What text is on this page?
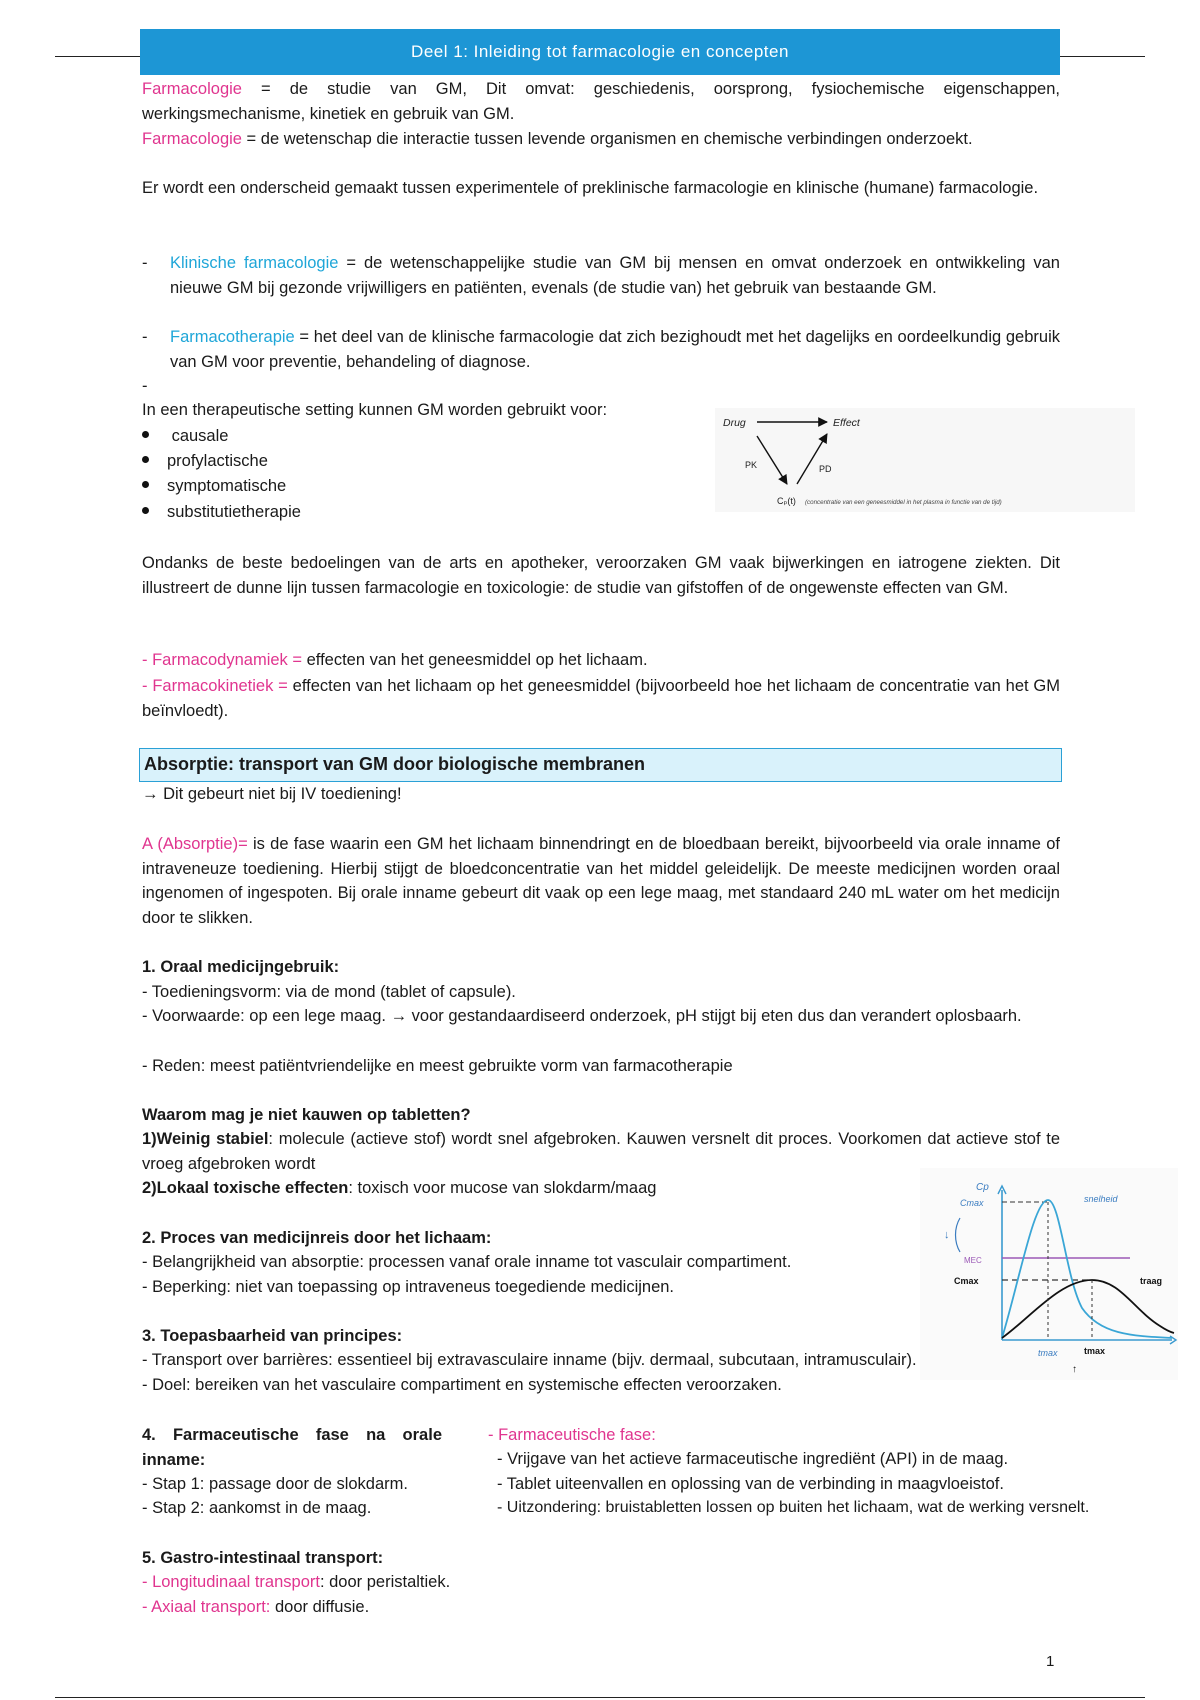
Deel 1: Inleiding tot farmacologie en concepten
Farmacologie = de studie van GM, Dit omvat: geschiedenis, oorsprong, fysiochemische eigenschappen, werkingsmechanisme, kinetiek en gebruik van GM.
Farmacologie = de wetenschap die interactie tussen levende organismen en chemische verbindingen onderzoekt.
Er wordt een onderscheid gemaakt tussen experimentele of preklinische farmacologie en klinische (humane) farmacologie.
- Klinische farmacologie = de wetenschappelijke studie van GM bij mensen en omvat onderzoek en ontwikkeling van nieuwe GM bij gezonde vrijwilligers en patiënten, evenals (de studie van) het gebruik van bestaande GM.
- Farmacotherapie = het deel van de klinische farmacologie dat zich bezighoudt met het dagelijks en oordeelkundig gebruik van GM voor preventie, behandeling of diagnose.
-
In een therapeutische setting kunnen GM worden gebruikt voor:
causale
profylactische
symptomatische
substitutietherapie
Drug	Effect
PK	PD
Cₚ(t) (concentratie van een geneesmiddel in het plasma in functie van de tijd)
Ondanks de beste bedoelingen van de arts en apotheker, veroorzaken GM vaak bijwerkingen en iatrogene ziekten. Dit illustreert de dunne lijn tussen farmacologie en toxicologie: de studie van gifstoffen of de ongewenste effecten van GM.
- Farmacodynamiek = effecten van het geneesmiddel op het lichaam.
- Farmacokinetiek = effecten van het lichaam op het geneesmiddel (bijvoorbeeld hoe het lichaam de concentratie van het GM beïnvloedt).
Absorptie: transport van GM door biologische membranen
→ Dit gebeurt niet bij IV toediening!
A (Absorptie)= is de fase waarin een GM het lichaam binnendringt en de bloedbaan bereikt, bijvoorbeeld via orale inname of intraveneuze toediening. Hierbij stijgt de bloedconcentratie van het middel geleidelijk. De meeste medicijnen worden oraal ingenomen of ingespoten. Bij orale inname gebeurt dit vaak op een lege maag, met standaard 240 mL water om het medicijn door te slikken.
1. Oraal medicijngebruik:
- Toedieningsvorm: via de mond (tablet of capsule).
- Voorwaarde: op een lege maag. → voor gestandaardiseerd onderzoek, pH stijgt bij eten dus dan verandert oplosbaarh.
- Reden: meest patiëntvriendelijke en meest gebruikte vorm van farmacotherapie
Waarom mag je niet kauwen op tabletten?
1)Weinig stabiel: molecule (actieve stof) wordt snel afgebroken. Kauwen versnelt dit proces. Voorkomen dat actieve stof te vroeg afgebroken wordt
2)Lokaal toxische effecten: toxisch voor mucose van slokdarm/maag	Cp
MEC
Cmax
Cmax
snelheid
traag
tmax	tmax
↓
↑
2. Proces van medicijnreis door het lichaam:
- Belangrijkheid van absorptie: processen vanaf orale inname tot vasculair compartiment.
- Beperking: niet van toepassing op intraveneus toegediende medicijnen.
3. Toepasbaarheid van principes:
- Transport over barrières: essentieel bij extravasculaire inname (bijv. dermaal, subcutaan, intramusculair).
- Doel: bereiken van het vasculaire compartiment en systemische effecten veroorzaken.
4. Farmaceutische fase na orale inname:
- Stap 1: passage door de slokdarm.
- Stap 2: aankomst in de maag.
- Farmaceutische fase:
- Vrijgave van het actieve farmaceutische ingrediënt (API) in de maag.
- Tablet uiteenvallen en oplossing van de verbinding in maagvloeistof.
- Uitzondering: bruistabletten lossen op buiten het lichaam, wat de werking versnelt.
5. Gastro-intestinaal transport:
- Longitudinaal transport: door peristaltiek.
- Axiaal transport: door diffusie.
1
